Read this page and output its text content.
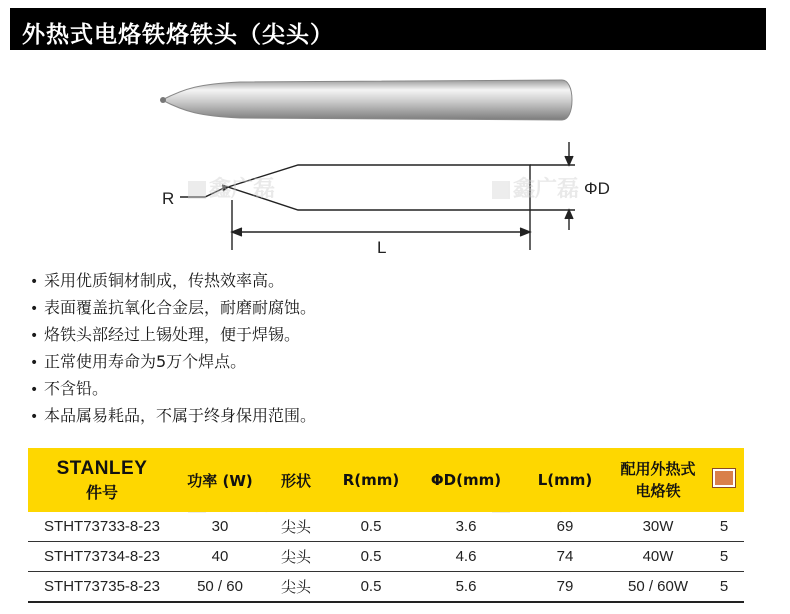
外热式电烙铁烙铁头（尖头）
R
ΦD
L
鑫广磊	鑫广磊
鑫广磊	鑫广磊
• 采用优质铜材制成，传热效率高。
• 表面覆盖抗氧化合金层，耐磨耐腐蚀。
• 烙铁头部经过上锡处理，便于焊锡。
• 正常使用寿命为5万个焊点。
• 不含铅。
• 本品属易耗品，不属于终身保用范围。
STANLEY
件号	功率 (W)	形状	R(mm)	ΦD(mm)	L(mm)	配用外热式电烙铁	
STHT73733-8-23	30	尖头	0.5	3.6	69	30W	5
STHT73734-8-23	40	尖头	0.5	4.6	74	40W	5
STHT73735-8-23	50 / 60	尖头	0.5	5.6	79	50 / 60W	5
